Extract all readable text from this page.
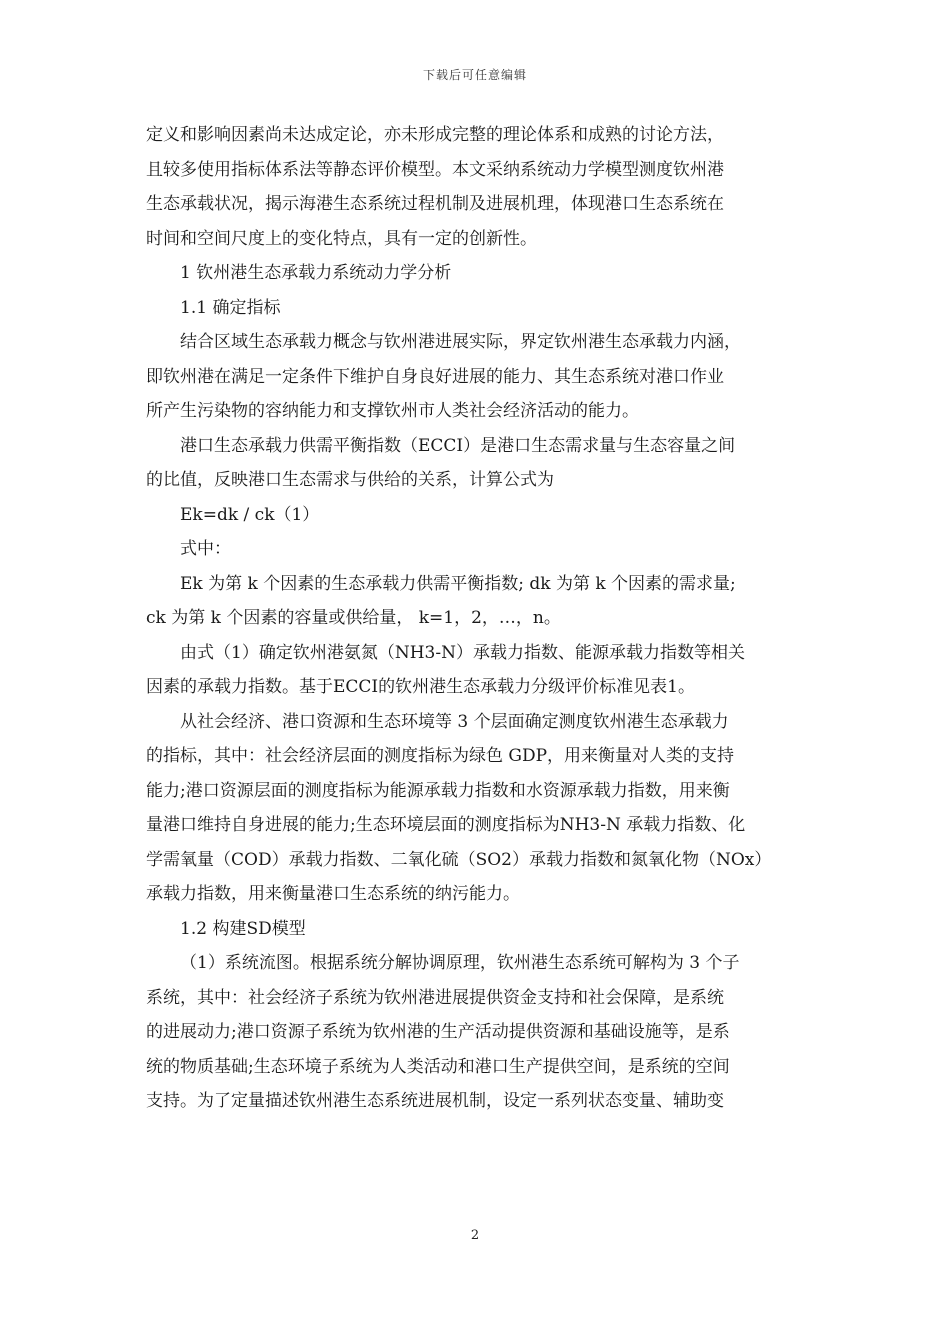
下载后可任意编辑
定义和影响因素尚未达成定论，亦未形成完整的理论体系和成熟的讨论方法，
且较多使用指标体系法等静态评价模型。本文采纳系统动力学模型测度钦州港
生态承载状况，揭示海港生态系统过程机制及进展机理，体现港口生态系统在
时间和空间尺度上的变化特点，具有一定的创新性。
1 钦州港生态承载力系统动力学分析
1.1 确定指标
结合区域生态承载力概念与钦州港进展实际，界定钦州港生态承载力内涵，
即钦州港在满足一定条件下维护自身良好进展的能力、其生态系统对港口作业
所产生污染物的容纳能力和支撑钦州市人类社会经济活动的能力。
港口生态承载力供需平衡指数（ECCI）是港口生态需求量与生态容量之间
的比值，反映港口生态需求与供给的关系，计算公式为
Ek=dk / ck（1）
式中：
Ek 为第 k 个因素的生态承载力供需平衡指数; dk 为第 k 个因素的需求量;
ck 为第 k 个因素的容量或供给量， k=1，2，…，n。
由式（1）确定钦州港氨氮（NH3-N）承载力指数、能源承载力指数等相关
因素的承载力指数。基于ECCI的钦州港生态承载力分级评价标准见表1。
从社会经济、港口资源和生态环境等 3 个层面确定测度钦州港生态承载力
的指标，其中：社会经济层面的测度指标为绿色 GDP，用来衡量对人类的支持
能力;港口资源层面的测度指标为能源承载力指数和水资源承载力指数，用来衡
量港口维持自身进展的能力;生态环境层面的测度指标为NH3-N 承载力指数、化
学需氧量（COD）承载力指数、二氧化硫（SO2）承载力指数和氮氧化物（NOx）
承载力指数，用来衡量港口生态系统的纳污能力。
1.2 构建SD模型
（1）系统流图。根据系统分解协调原理，钦州港生态系统可解构为 3 个子
系统，其中：社会经济子系统为钦州港进展提供资金支持和社会保障，是系统
的进展动力;港口资源子系统为钦州港的生产活动提供资源和基础设施等，是系
统的物质基础;生态环境子系统为人类活动和港口生产提供空间，是系统的空间
支持。为了定量描述钦州港生态系统进展机制，设定一系列状态变量、辅助变
2
